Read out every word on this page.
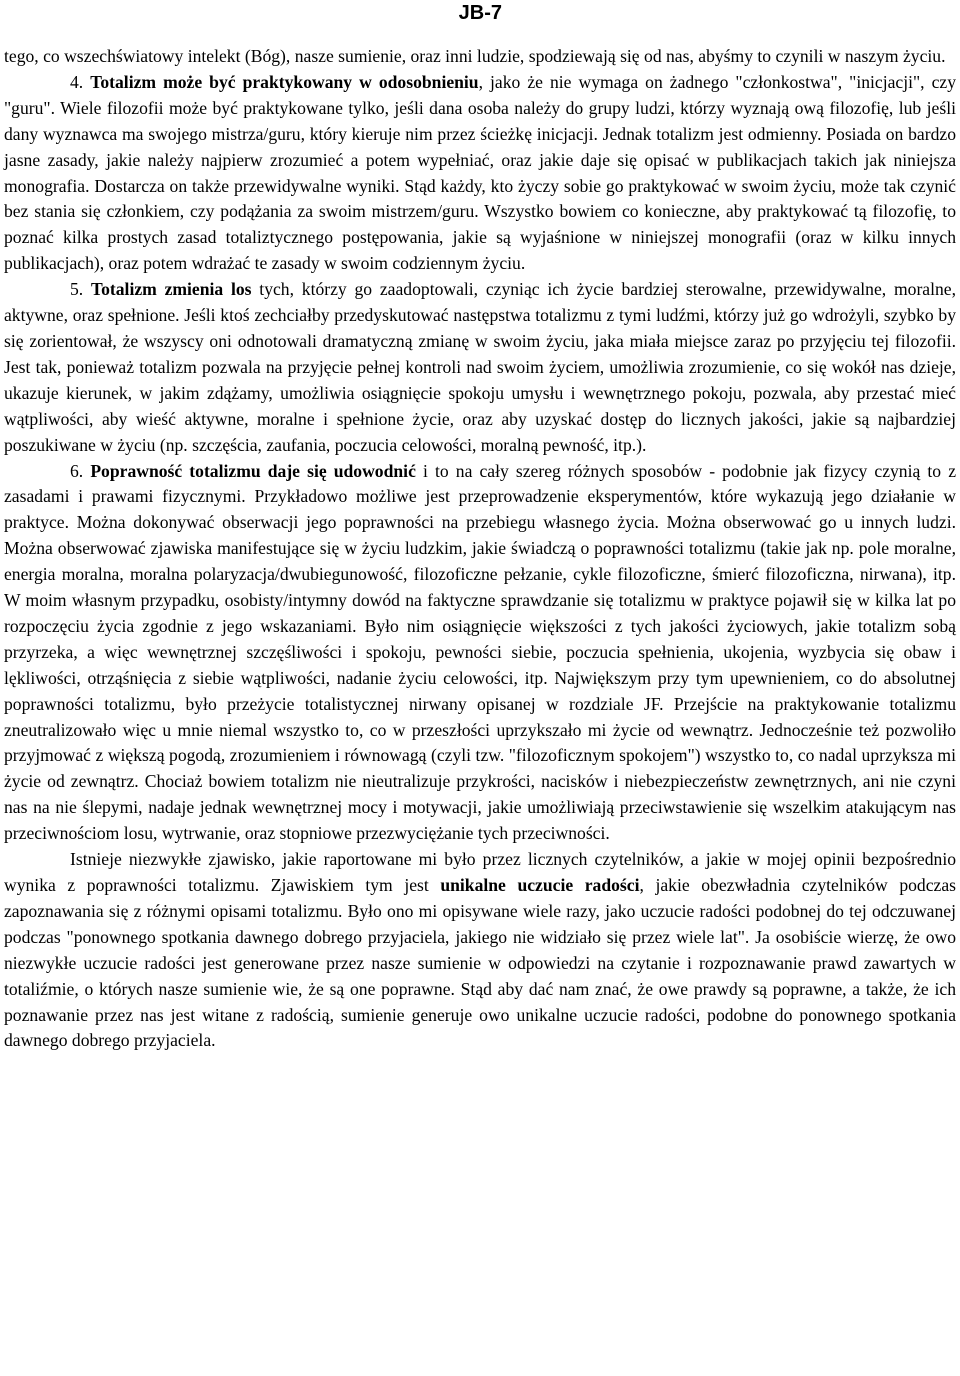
JB-7

tego, co wszechświatowy intelekt (Bóg), nasze sumienie, oraz inni ludzie, spodziewają się od nas, abyśmy to czynili w naszym życiu.

4. Totalizm może być praktykowany w odosobnieniu, jako że nie wymaga on żadnego "członkostwa", "inicjacji", czy "guru". Wiele filozofii może być praktykowane tylko, jeśli dana osoba należy do grupy ludzi, którzy wyznają ową filozofię, lub jeśli dany wyznawca ma swojego mistrza/guru, który kieruje nim przez ścieżkę inicjacji. Jednak totalizm jest odmienny. Posiada on bardzo jasne zasady, jakie należy najpierw zrozumieć a potem wypełniać, oraz jakie daje się opisać w publikacjach takich jak niniejsza monografia. Dostarcza on także przewidywalne wyniki. Stąd każdy, kto życzy sobie go praktykować w swoim życiu, może tak czynić bez stania się członkiem, czy podążania za swoim mistrzem/guru. Wszystko bowiem co konieczne, aby praktykować tą filozofię, to poznać kilka prostych zasad totaliztycznego postępowania, jakie są wyjaśnione w niniejszej monografii (oraz w kilku innych publikacjach), oraz potem wdrażać te zasady w swoim codziennym życiu.

5. Totalizm zmienia los tych, którzy go zaadoptowali, czyniąc ich życie bardziej sterowalne, przewidywalne, moralne, aktywne, oraz spełnione. Jeśli ktoś zechciałby przedyskutować następstwa totalizmu z tymi ludźmi, którzy już go wdrożyli, szybko by się zorientował, że wszyscy oni odnotowali dramatyczną zmianę w swoim życiu, jaka miała miejsce zaraz po przyjęciu tej filozofii. Jest tak, ponieważ totalizm pozwala na przyjęcie pełnej kontroli nad swoim życiem, umożliwia zrozumienie, co się wokół nas dzieje, ukazuje kierunek, w jakim zdążamy, umożliwia osiągnięcie spokoju umysłu i wewnętrznego pokoju, pozwala, aby przestać mieć wątpliwości, aby wieść aktywne, moralne i spełnione życie, oraz aby uzyskać dostęp do licznych jakości, jakie są najbardziej poszukiwane w życiu (np. szczęścia, zaufania, poczucia celowości, moralną pewność, itp.).

6. Poprawność totalizmu daje się udowodnić i to na cały szereg różnych sposobów - podobnie jak fizycy czynią to z zasadami i prawami fizycznymi. Przykładowo możliwe jest przeprowadzenie eksperymentów, które wykazują jego działanie w praktyce. Można dokonywać obserwacji jego poprawności na przebiegu własnego życia. Można obserwować go u innych ludzi. Można obserwować zjawiska manifestujące się w życiu ludzkim, jakie świadczą o poprawności totalizmu (takie jak np. pole moralne, energia moralna, moralna polaryzacja/dwubiegunowość, filozoficzne pełzanie, cykle filozoficzne, śmierć filozoficzna, nirwana), itp. W moim własnym przypadku, osobisty/intymny dowód na faktyczne sprawdzanie się totalizmu w praktyce pojawił się w kilka lat po rozpoczęciu życia zgodnie z jego wskazaniami. Było nim osiągnięcie większości z tych jakości życiowych, jakie totalizm sobą przyrzeka, a więc wewnętrznej szczęśliwości i spokoju, pewności siebie, poczucia spełnienia, ukojenia, wyzbycia się obaw i lękliwości, otrząśnięcia z siebie wątpliwości, nadanie życiu celowości, itp. Największym przy tym upewnieniem, co do absolutnej poprawności totalizmu, było przeżycie totalistycznej nirwany opisanej w rozdziale JF. Przejście na praktykowanie totalizmu zneutralizowało więc u mnie niemal wszystko to, co w przeszłości uprzykszało mi życie od wewnątrz. Jednocześnie też pozwoliło przyjmować z większą pogodą, zrozumieniem i równowagą (czyli tzw. "filozoficznym spokojem") wszystko to, co nadal uprzyksza mi życie od zewnątrz. Chociaż bowiem totalizm nie nieutralizuje przykrości, nacisków i niebezpieczeństw zewnętrznych, ani nie czyni nas na nie ślepymi, nadaje jednak wewnętrznej mocy i motywacji, jakie umożliwiają przeciwstawienie się wszelkim atakującym nas przeciwnościom losu, wytrwanie, oraz stopniowe przezwyciężanie tych przeciwności.

Istnieje niezwykłe zjawisko, jakie raportowane mi było przez licznych czytelników, a jakie w mojej opinii bezpośrednio wynika z poprawności totalizmu. Zjawiskiem tym jest unikalne uczucie radości, jakie obezwładnia czytelników podczas zapoznawania się z różnymi opisami totalizmu. Było ono mi opisywane wiele razy, jako uczucie radości podobnej do tej odczuwanej podczas "ponownego spotkania dawnego dobrego przyjaciela, jakiego nie widziało się przez wiele lat". Ja osobiście wierzę, że owo niezwykłe uczucie radości jest generowane przez nasze sumienie w odpowiedzi na czytanie i rozpoznawanie prawd zawartych w totaliźmie, o których nasze sumienie wie, że są one poprawne. Stąd aby dać nam znać, że owe prawdy są poprawne, a także, że ich poznawanie przez nas jest witane z radością, sumienie generuje owo unikalne uczucie radości, podobne do ponownego spotkania dawnego dobrego przyjaciela.
